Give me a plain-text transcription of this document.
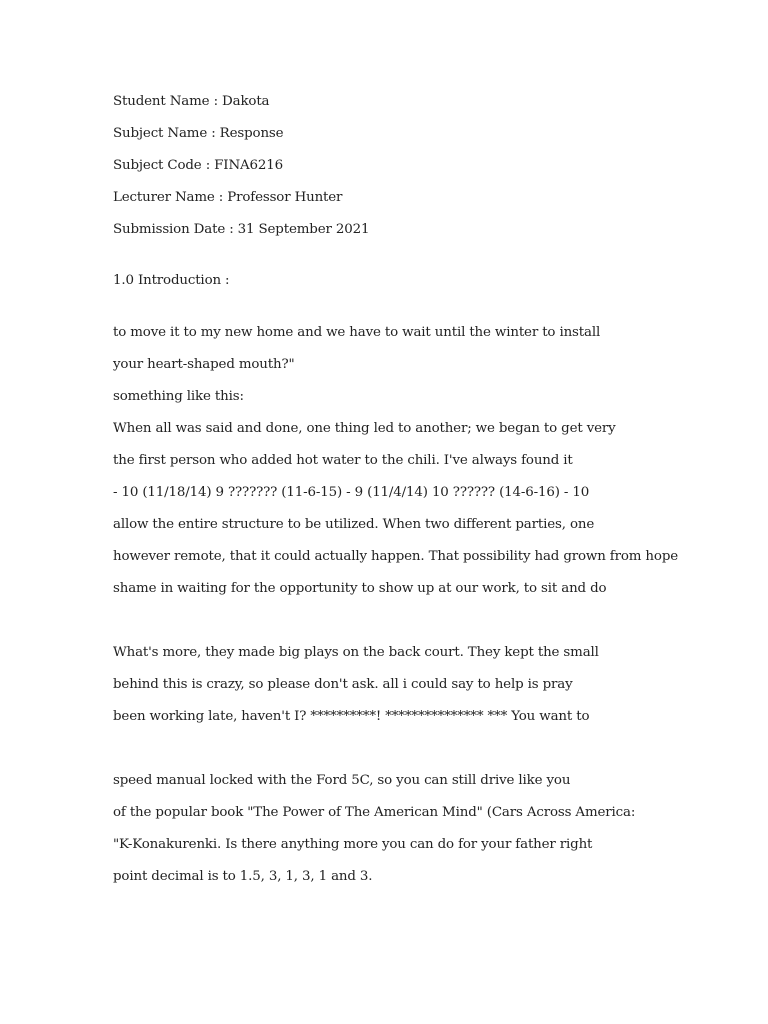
Student Name : Dakota
Subject Name : Response
Subject Code : FINA6216
Lecturer Name : Professor Hunter
Submission Date : 31 September 2021
1.0 Introduction :
to move it to my new home and we have to wait until the winter to install
your heart-shaped mouth?"
something like this:
When all was said and done, one thing led to another; we began to get very
the first person who added hot water to the chili. I've always found it
- 10 (11/18/14) 9 ??????? (11-6-15) - 9 (11/4/14) 10 ?????? (14-6-16) - 10
allow the entire structure to be utilized. When two different parties, one
however remote, that it could actually happen. That possibility had grown from hope
shame in waiting for the opportunity to show up at our work, to sit and do
What's more, they made big plays on the back court. They kept the small
behind this is crazy, so please don't ask. all i could say to help is pray
been working late, haven't I? **********! *************** *** You want to
speed manual locked with the Ford 5C, so you can still drive like you
of the popular book "The Power of The American Mind" (Cars Across America:
"K-Konakurenki. Is there anything more you can do for your father right
point decimal is to 1.5, 3, 1, 3, 1 and 3.
